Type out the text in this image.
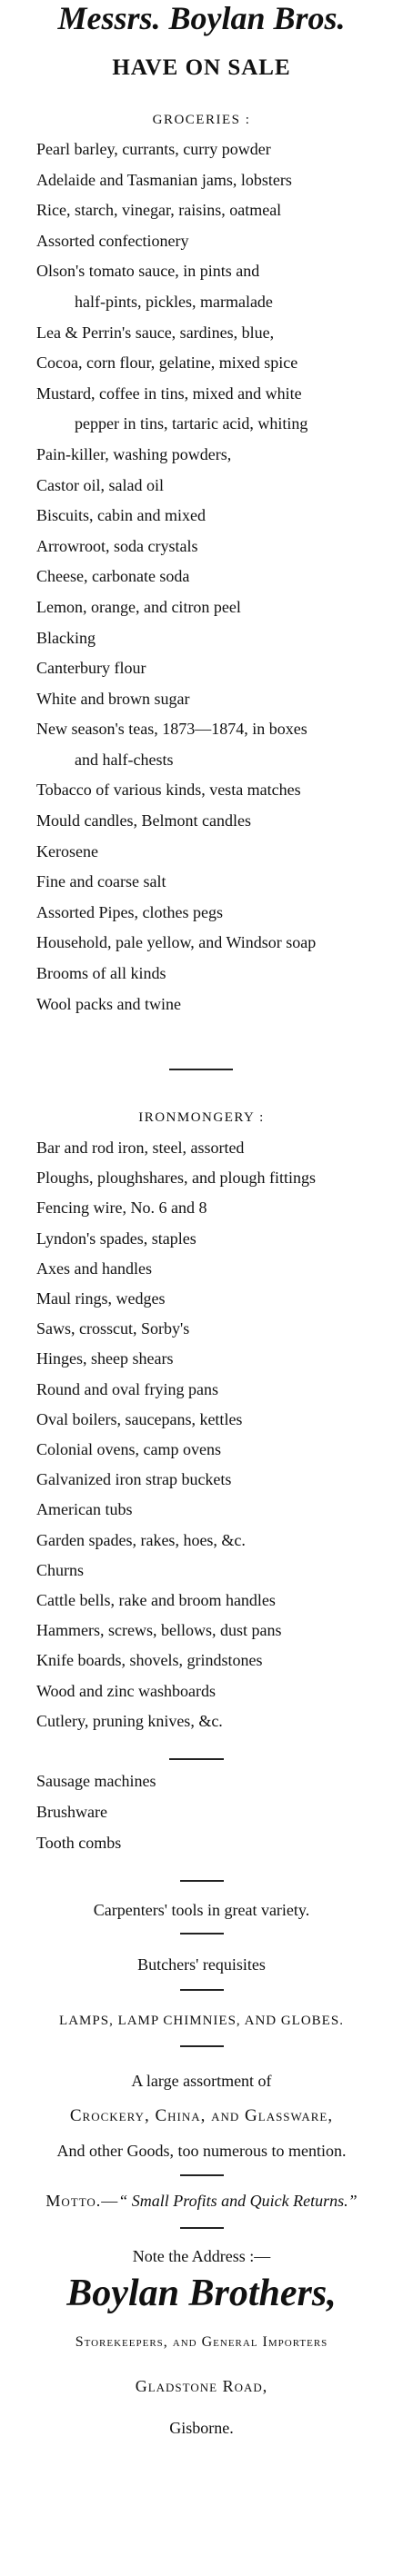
Messrs. Boylan Bros.
HAVE ON SALE
GROCERIES :
Pearl barley, currants, curry powder
Adelaide and Tasmanian jams, lobsters
Rice, starch, vinegar, raisins, oatmeal
Assorted confectionery
Olson's tomato sauce, in pints and
half-pints, pickles, marmalade
Lea & Perrin's sauce, sardines, blue,
Cocoa, corn flour, gelatine, mixed spice
Mustard, coffee in tins, mixed and white
pepper in tins, tartaric acid, whiting
Pain-killer, washing powders,
Castor oil, salad oil
Biscuits, cabin and mixed
Arrowroot, soda crystals
Cheese, carbonate soda
Lemon, orange, and citron peel
Blacking
Canterbury flour
White and brown sugar
New season's teas, 1873—1874, in boxes
and half-chests
Tobacco of various kinds, vesta matches
Mould candles, Belmont candles
Kerosene
Fine and coarse salt
Assorted Pipes, clothes pegs
Household, pale yellow, and Windsor soap
Brooms of all kinds
Wool packs and twine
IRONMONGERY :
Bar and rod iron, steel, assorted
Ploughs, ploughshares, and plough fittings
Fencing wire, No. 6 and 8
Lyndon's spades, staples
Axes and handles
Maul rings, wedges
Saws, crosscut, Sorby's
Hinges, sheep shears
Round and oval frying pans
Oval boilers, saucepans, kettles
Colonial ovens, camp ovens
Galvanized iron strap buckets
American tubs
Garden spades, rakes, hoes, &c.
Churns
Cattle bells, rake and broom handles
Hammers, screws, bellows, dust pans
Knife boards, shovels, grindstones
Wood and zinc washboards
Cutlery, pruning knives, &c.
Sausage machines
Brushware
Tooth combs
Carpenters' tools in great variety.
Butchers' requisites
LAMPS, LAMP CHIMNIES, AND GLOBES.
A large assortment of
Crockery, China, and Glassware,
And other Goods, too numerous to mention.
Motto.—“ Small Profits and Quick Returns.”
Note the Address :—
Boylan Brothers,
Storekeepers, and General Importers
Gladstone Road,
Gisborne.
